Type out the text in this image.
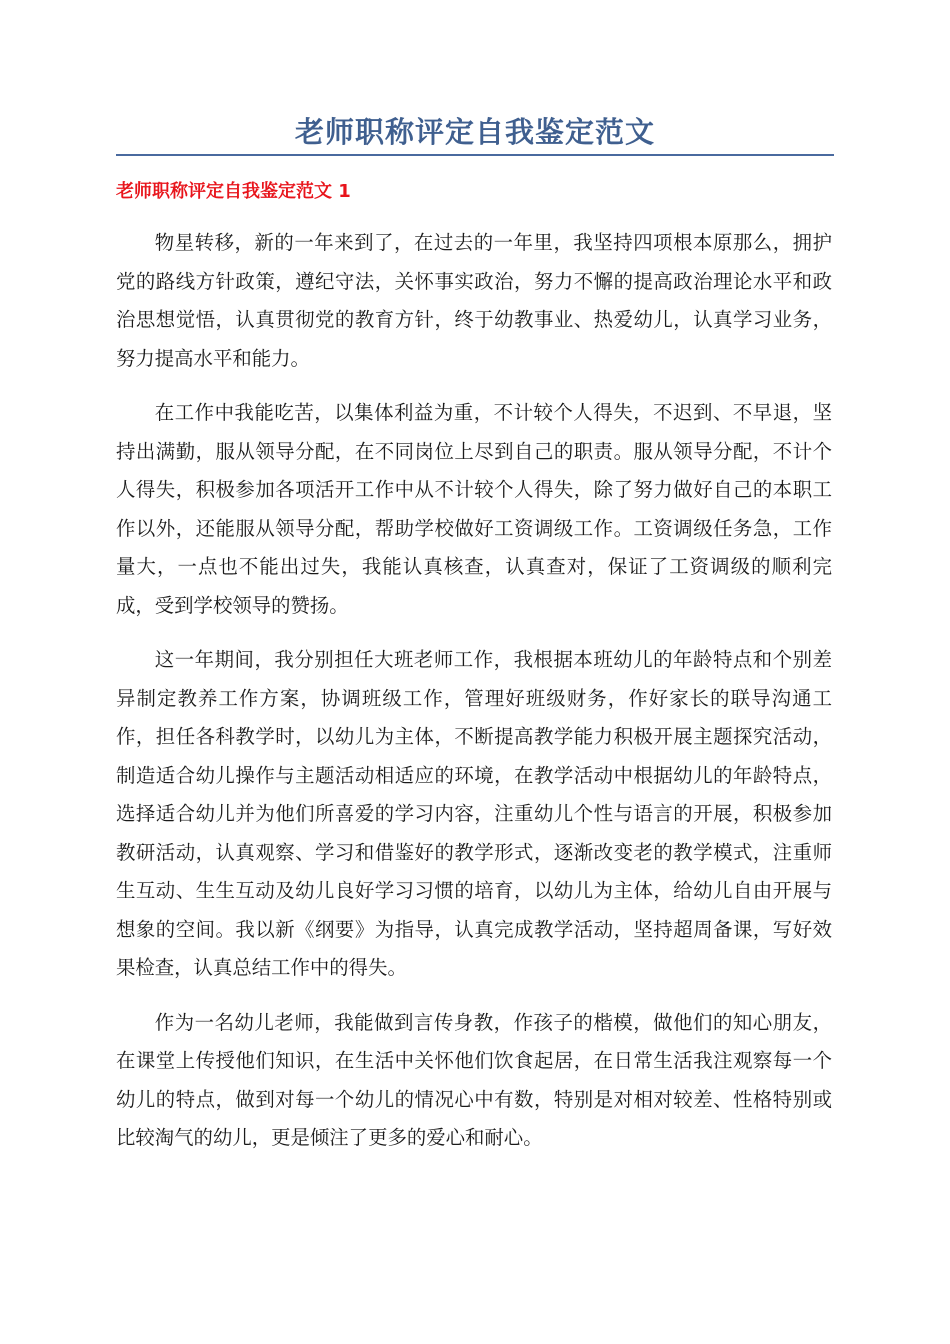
老师职称评定自我鉴定范文
老师职称评定自我鉴定范文 1

物星转移，新的一年来到了，在过去的一年里，我坚持四项根本原那么，拥护党的路线方针政策，遵纪守法，关怀事实政治，努力不懈的提高政治理论水平和政治思想觉悟，认真贯彻党的教育方针，终于幼教事业、热爱幼儿，认真学习业务，努力提高水平和能力。

在工作中我能吃苦，以集体利益为重，不计较个人得失，不迟到、不早退，坚持出满勤，服从领导分配，在不同岗位上尽到自己的职责。服从领导分配，不计个人得失，积极参加各项活开工作中从不计较个人得失，除了努力做好自己的本职工作以外，还能服从领导分配，帮助学校做好工资调级工作。工资调级任务急，工作量大，一点也不能出过失，我能认真核查，认真查对，保证了工资调级的顺利完成，受到学校领导的赞扬。

这一年期间，我分别担任大班老师工作，我根据本班幼儿的年龄特点和个别差异制定教养工作方案，协调班级工作，管理好班级财务，作好家长的联导沟通工作，担任各科教学时，以幼儿为主体，不断提高教学能力积极开展主题探究活动，制造适合幼儿操作与主题活动相适应的环境，在教学活动中根据幼儿的年龄特点，选择适合幼儿并为他们所喜爱的学习内容，注重幼儿个性与语言的开展，积极参加教研活动，认真观察、学习和借鉴好的教学形式，逐渐改变老的教学模式，注重师生互动、生生互动及幼儿良好学习习惯的培育，以幼儿为主体，给幼儿自由开展与想象的空间。我以新《纲要》为指导，认真完成教学活动，坚持超周备课，写好效果检查，认真总结工作中的得失。

作为一名幼儿老师，我能做到言传身教，作孩子的楷模，做他们的知心朋友，在课堂上传授他们知识，在生活中关怀他们饮食起居，在日常生活我注观察每一个幼儿的特点，做到对每一个幼儿的情况心中有数，特别是对相对较差、性格特别或比较淘气的幼儿，更是倾注了更多的爱心和耐心。
